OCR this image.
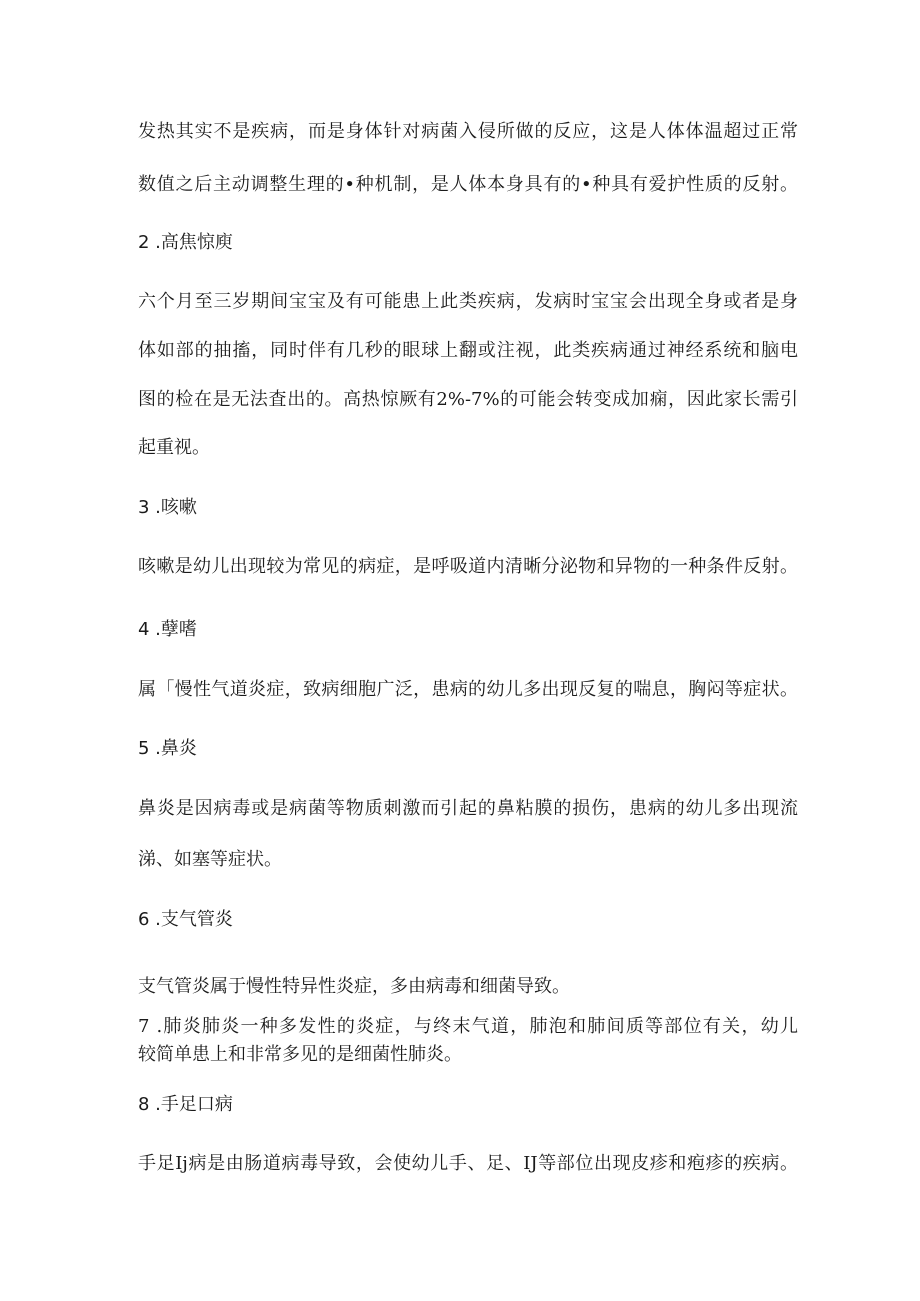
发热其实不是疾病，而是身体针对病菌入侵所做的反应，这是人体体温超过正常
数值之后主动调整生理的•种机制，是人体本身具有的•种具有爱护性质的反射。
2 .高焦惊庾
六个月至三岁期间宝宝及有可能患上此类疾病，发病时宝宝会出现全身或者是身
体如部的抽搐，同时伴有几秒的眼球上翻或注视，此类疾病通过神经系统和脑电
图的检在是无法査出的。高热惊厥有2%-7%的可能会转变成加痫，因此家长需引
起重视。
3 .咳嗽
咳嗽是幼儿出现较为常见的病症，是呼吸道内清晰分泌物和异物的一种条件反射。
4 .孽嗜
属「慢性气道炎症，致病细胞广泛，患病的幼儿多出现反复的喘息，胸闷等症状。
5 .鼻炎
鼻炎是因病毒或是病菌等物质刺激而引起的鼻粘膜的损伤，患病的幼儿多出现流
涕、如塞等症状。
6 .支气管炎
支气管炎属于慢性特异性炎症，多由病毒和细菌导致。
7 .肺炎肺炎一种多发性的炎症，与终末气道，肺泡和肺间质等部位有关，幼儿
较简单患上和非常多见的是细菌性肺炎。
8 .手足口病
手足Ij病是由肠道病毒导致，会使幼儿手、足、IJ等部位出现皮疹和疱疹的疾病。
